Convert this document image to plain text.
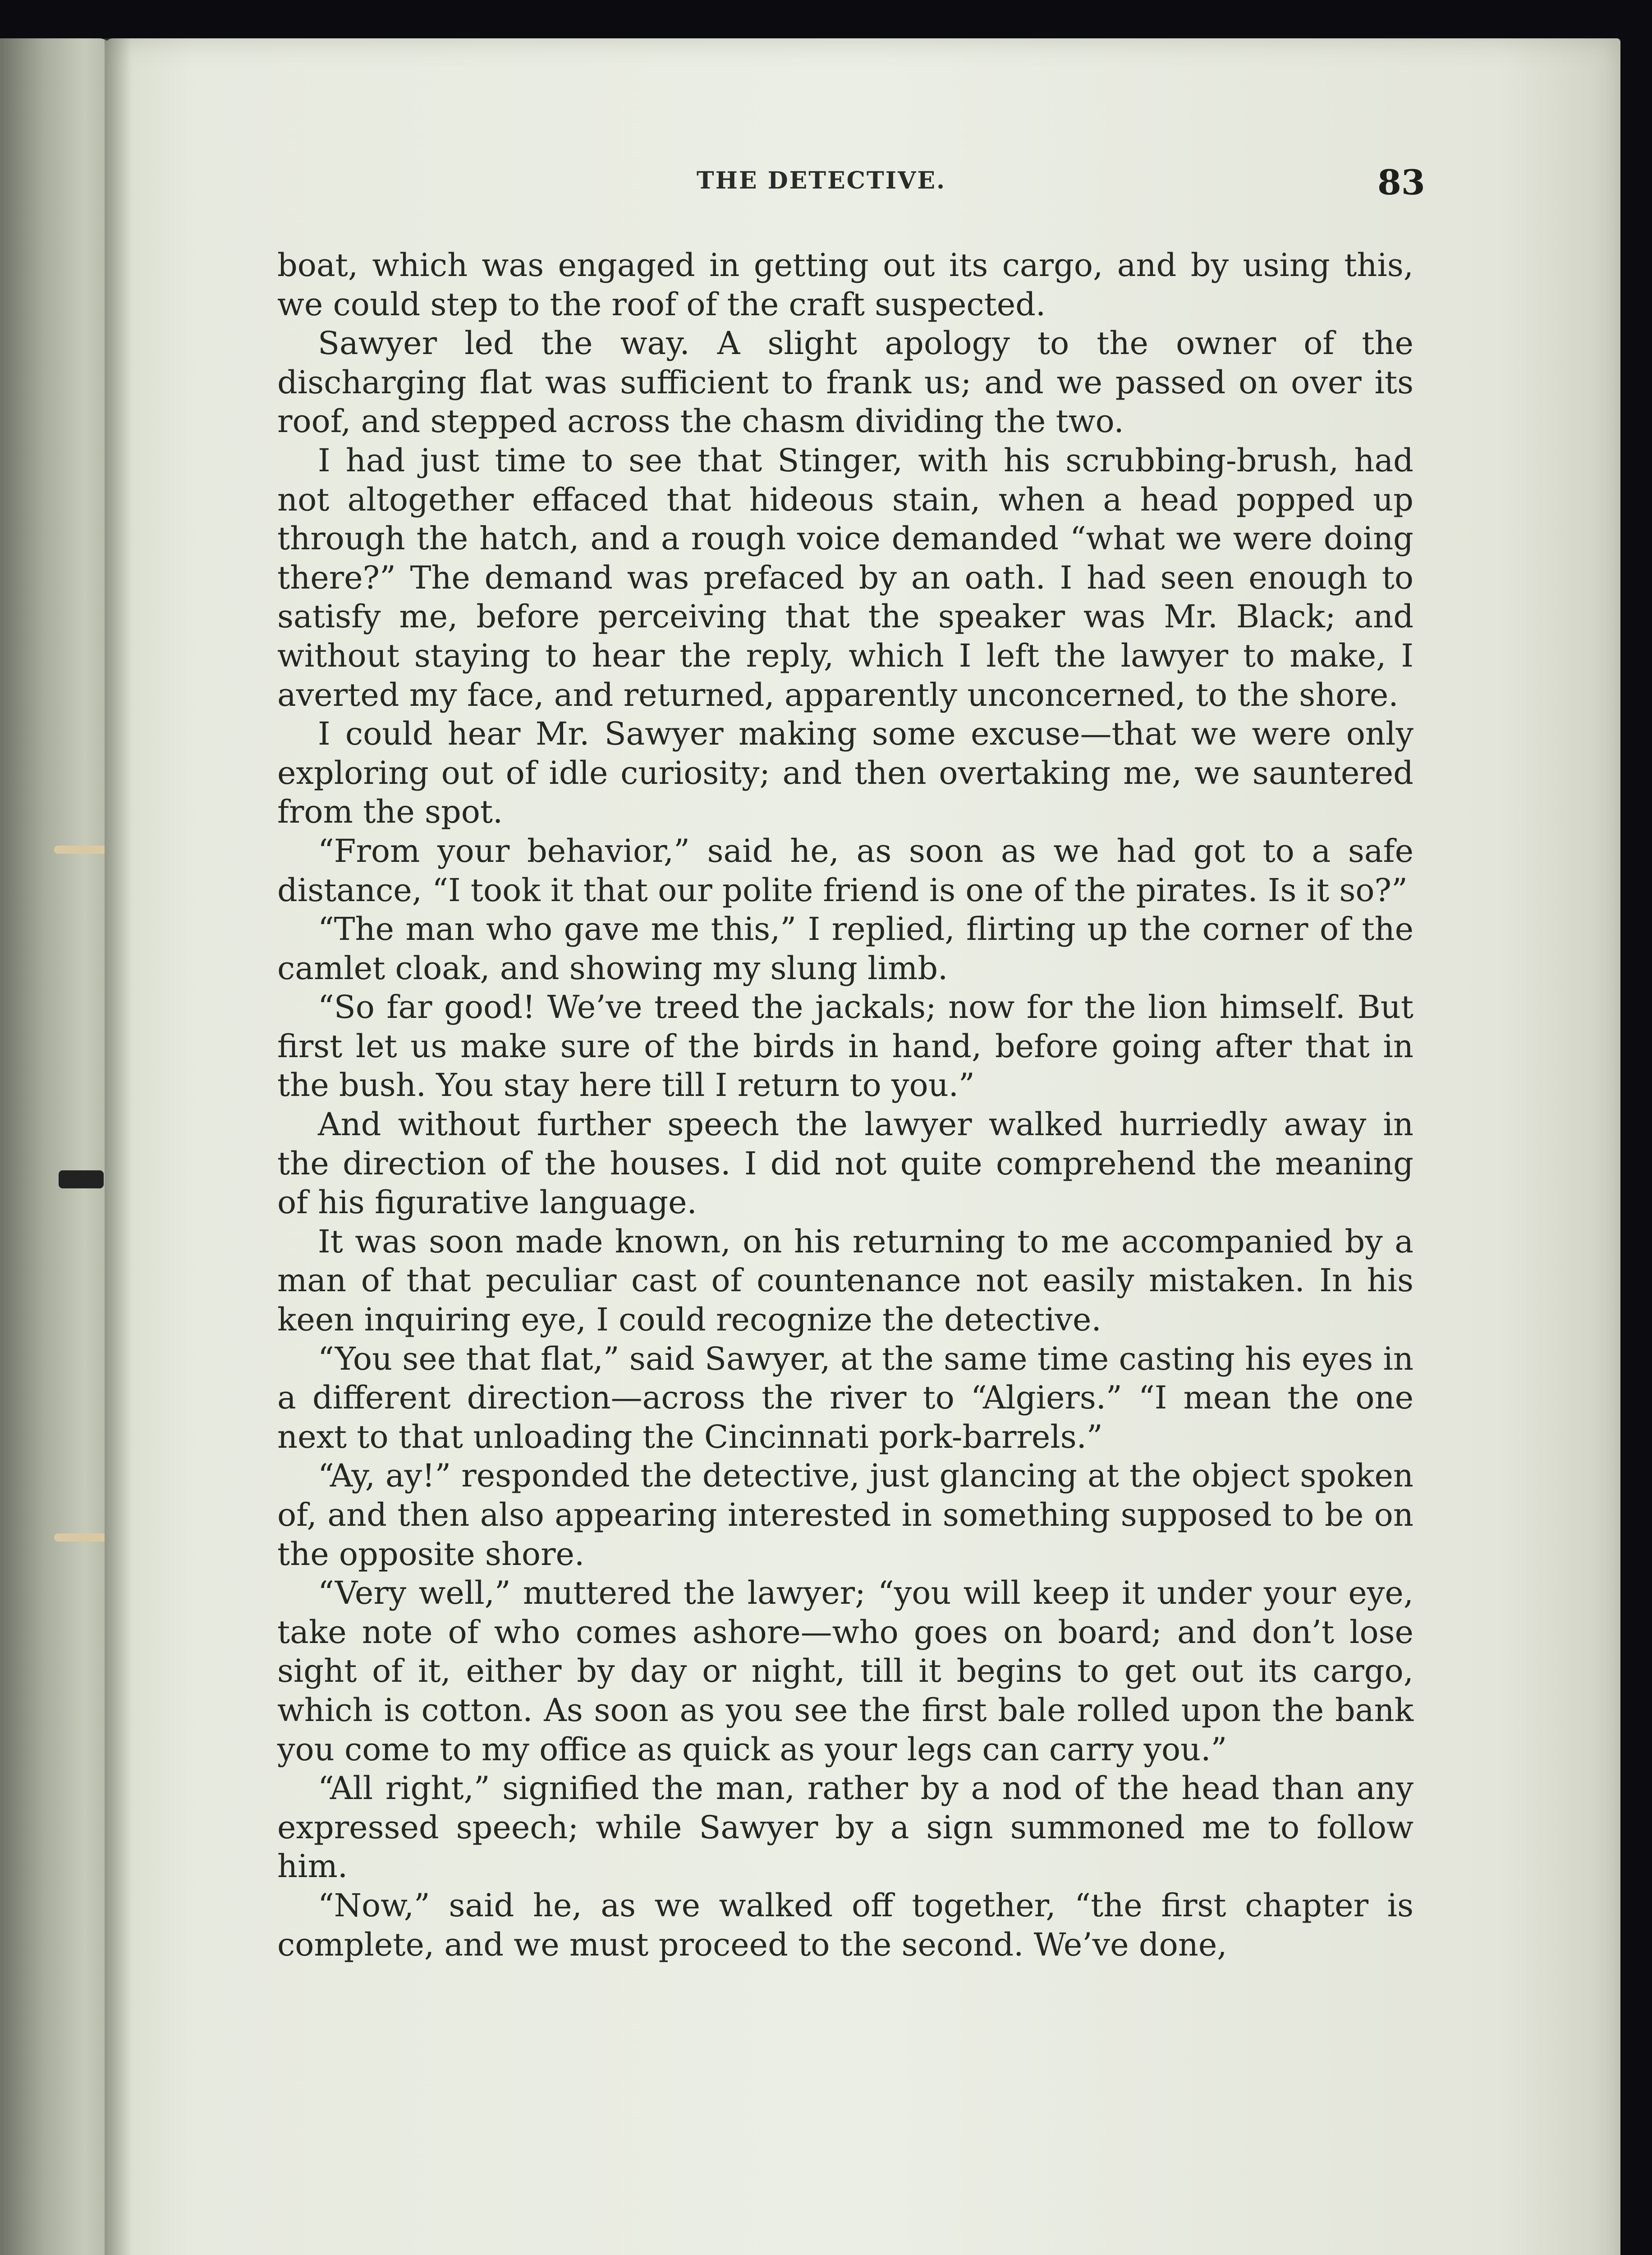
THE DETECTIVE.	83

boat, which was engaged in getting out its cargo, and by using this, we could step to the roof of the craft suspected.

Sawyer led the way. A slight apology to the owner of the discharging flat was sufficient to frank us; and we passed on over its roof, and stepped across the chasm dividing the two.

I had just time to see that Stinger, with his scrubbing-brush, had not altogether effaced that hideous stain, when a head popped up through the hatch, and a rough voice demanded “what we were doing there?” The demand was prefaced by an oath. I had seen enough to satisfy me, before perceiving that the speaker was Mr. Black; and without staying to hear the reply, which I left the lawyer to make, I averted my face, and returned, apparently unconcerned, to the shore.

I could hear Mr. Sawyer making some excuse—that we were only exploring out of idle curiosity; and then overtaking me, we sauntered from the spot.

“From your behavior,” said he, as soon as we had got to a safe distance, “I took it that our polite friend is one of the pirates. Is it so?”

“The man who gave me this,” I replied, flirting up the corner of the camlet cloak, and showing my slung limb.

“So far good! We’ve treed the jackals; now for the lion himself. But first let us make sure of the birds in hand, before going after that in the bush. You stay here till I return to you.”

And without further speech the lawyer walked hurriedly away in the direction of the houses. I did not quite comprehend the meaning of his figurative language.

It was soon made known, on his returning to me accompanied by a man of that peculiar cast of countenance not easily mistaken. In his keen inquiring eye, I could recognize the detective.

“You see that flat,” said Sawyer, at the same time casting his eyes in a different direction—across the river to “Algiers.” “I mean the one next to that unloading the Cincinnati pork-barrels.”

“Ay, ay!” responded the detective, just glancing at the object spoken of, and then also appearing interested in something supposed to be on the opposite shore.

“Very well,” muttered the lawyer; “you will keep it under your eye, take note of who comes ashore—who goes on board; and don’t lose sight of it, either by day or night, till it begins to get out its cargo, which is cotton. As soon as you see the first bale rolled upon the bank you come to my office as quick as your legs can carry you.”

“All right,” signified the man, rather by a nod of the head than any expressed speech; while Sawyer by a sign summoned me to follow him.

“Now,” said he, as we walked off together, “the first chapter is complete, and we must proceed to the second. We’ve done,
